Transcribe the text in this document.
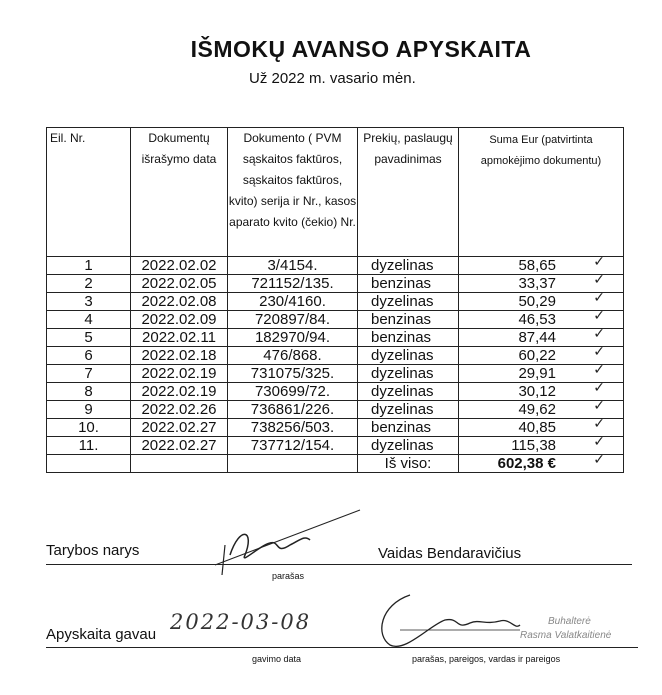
IŠMOKŲ AVANSO APYSKAITA
Už 2022 m. vasario mėn.
Eil. Nr.	Dokumentų išrašymo data	Dokumento ( PVM sąskaitos faktūros, sąskaitos faktūros, kvito) serija ir Nr., kasos aparato kvito (čekio) Nr.	Prekių, paslaugų pavadinimas	Suma Eur (patvirtinta apmokėjimo dokumentu)
1	2022.02.02	3/4154.	dyzelinas	58,65 ✓

2	2022.02.05	721152/135.	benzinas	33,37 ✓

3	2022.02.08	230/4160.	dyzelinas	50,29 ✓

4	2022.02.09	720897/84.	benzinas	46,53 ✓

5	2022.02.11	182970/94.	benzinas	87,44 ✓

6	2022.02.18	476/868.	dyzelinas	60,22 ✓

7	2022.02.19	731075/325.	dyzelinas	29,91 ✓

8	2022.02.19	730699/72.	dyzelinas	30,12 ✓

9	2022.02.26	736861/226.	dyzelinas	49,62 ✓

10.	2022.02.27	738256/503.	benzinas	40,85 ✓

11.	2022.02.27	737712/154.	dyzelinas	115,38 ✓

			Iš viso:	602,38 € ✓
Tarybos narys	Vaidas Bendaravičius
parašas
Apyskaita gavau
2022-03-08
gavimo data	parašas, pareigos, vardas ir pareigos
Buhalterė
Rasma Valatkaitienė
